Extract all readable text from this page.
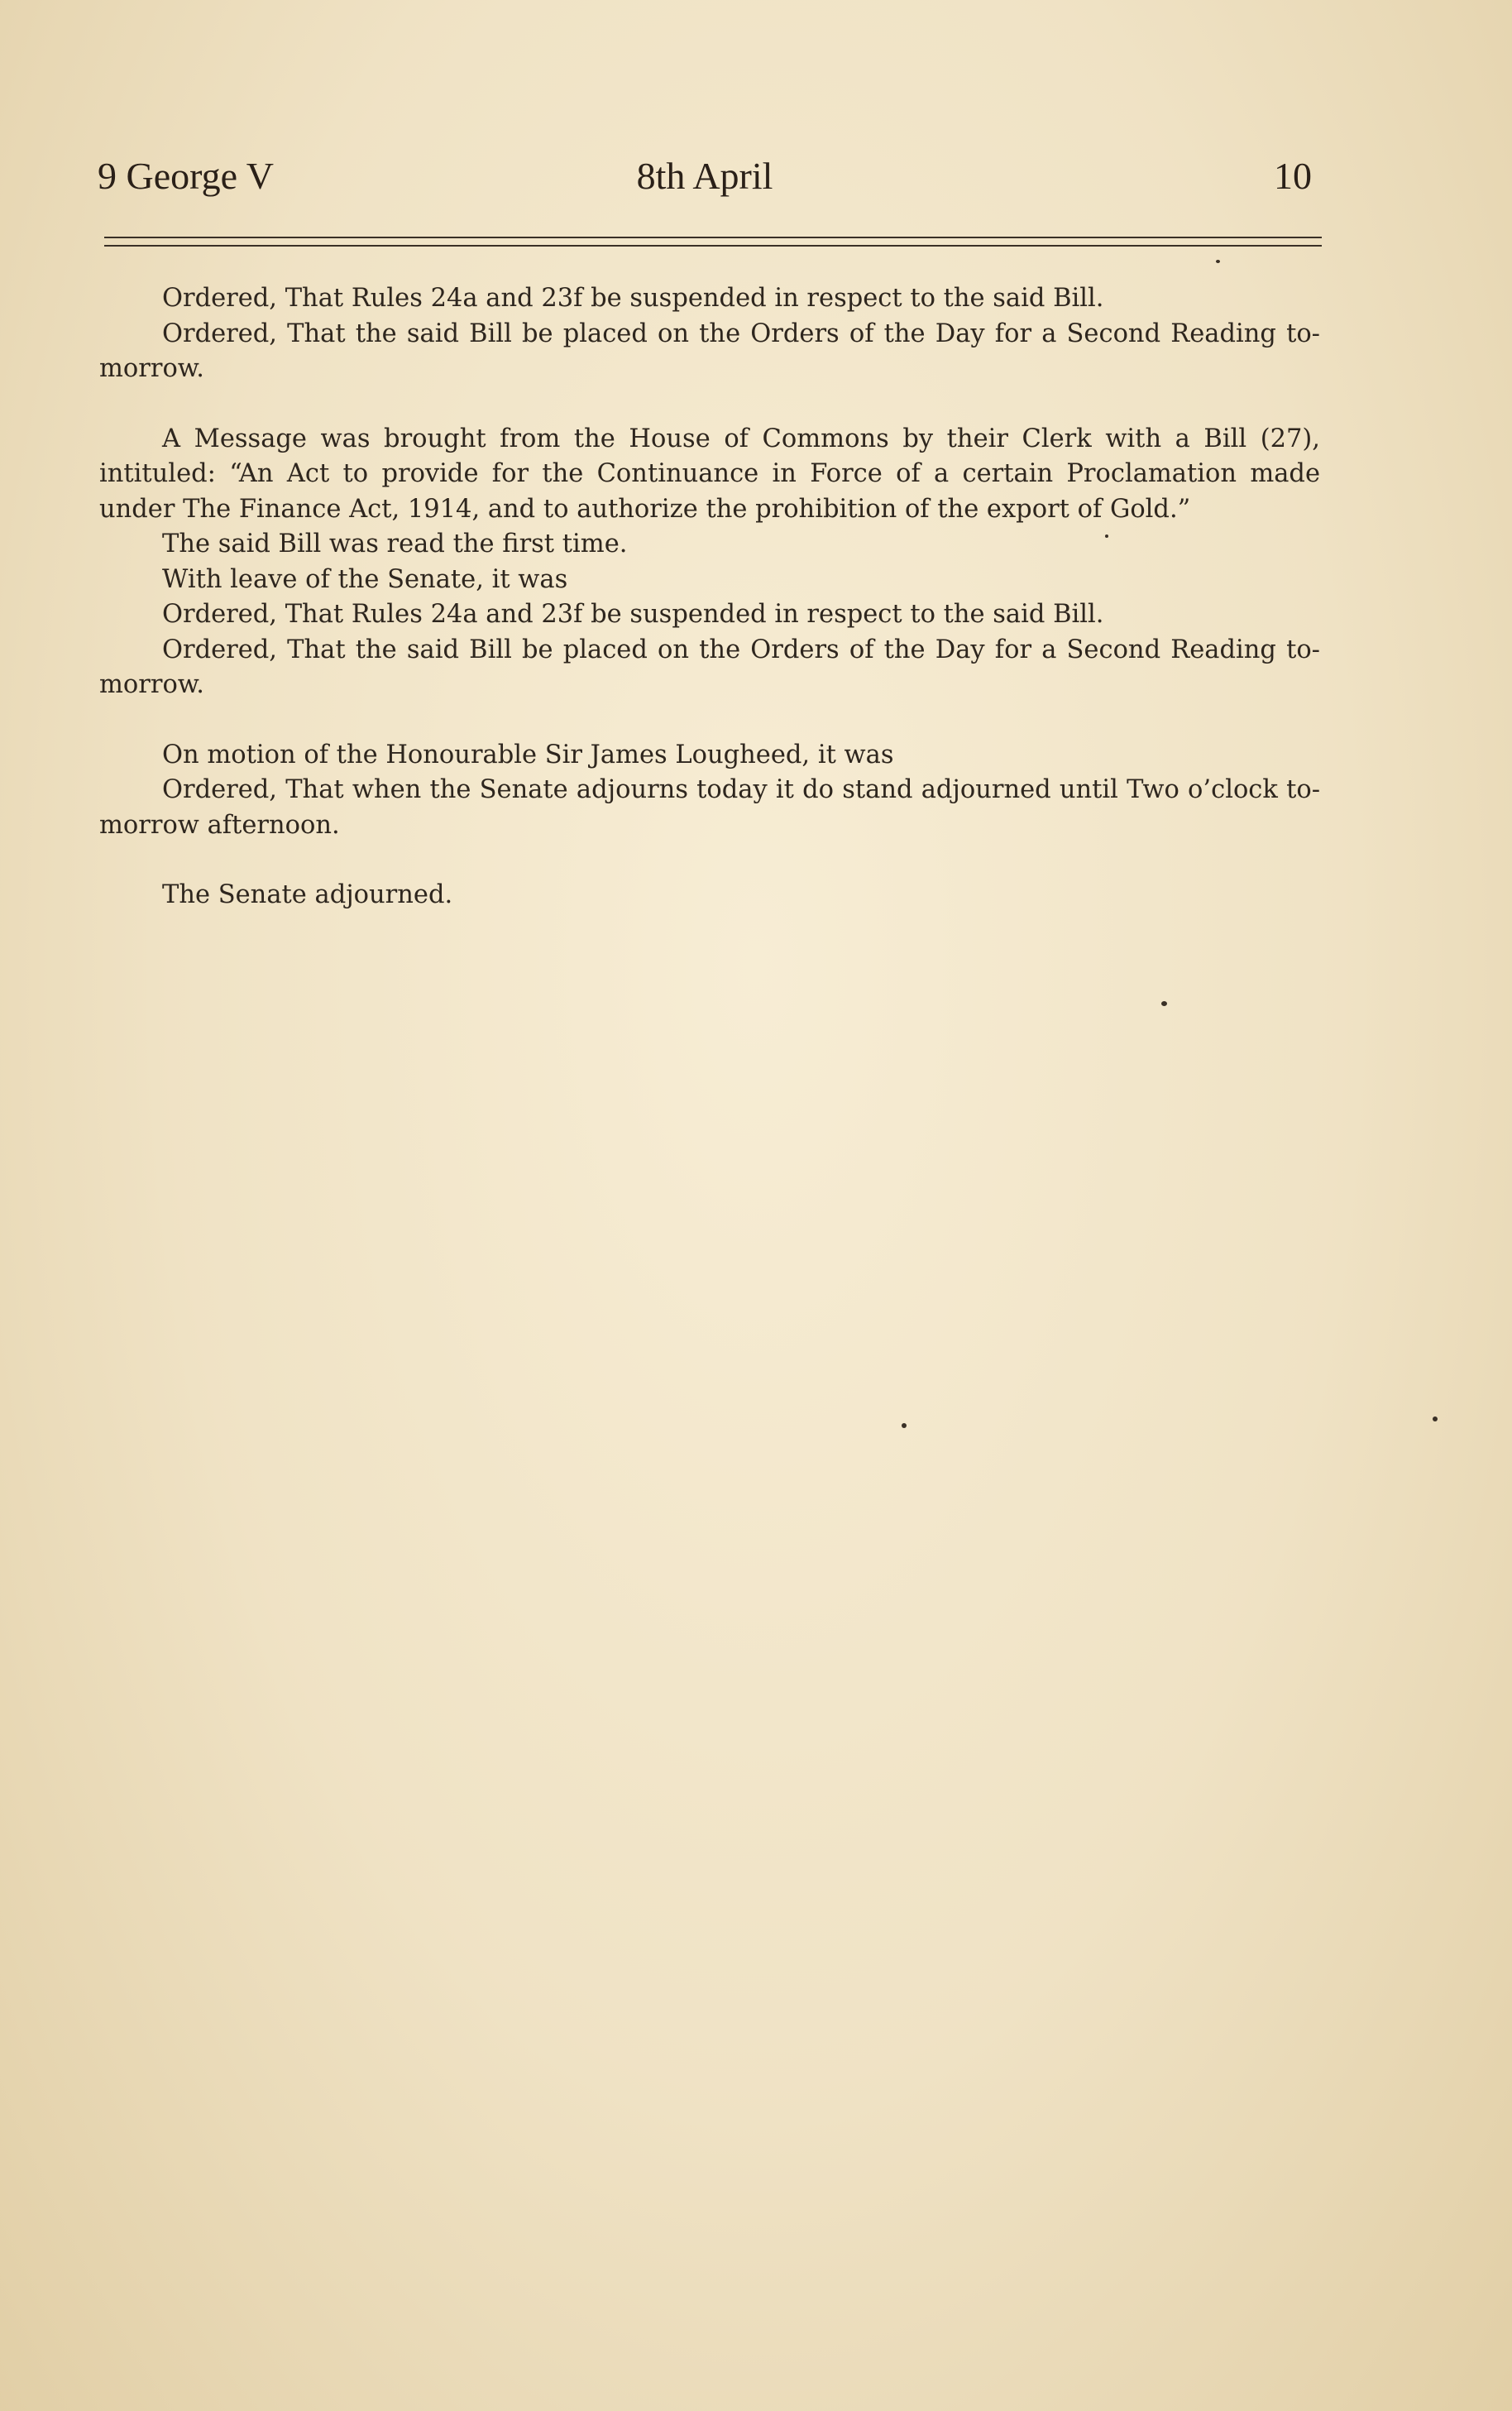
9 George V	8th April	10

Ordered, That Rules 24a and 23f be suspended in respect to the said Bill.

Ordered, That the said Bill be placed on the Orders of the Day for a Second Reading to-morrow.

A Message was brought from the House of Commons by their Clerk with a Bill (27), intituled: “An Act to provide for the Continuance in Force of a certain Proclamation made under The Finance Act, 1914, and to authorize the prohibition of the export of Gold.”

The said Bill was read the first time.

With leave of the Senate, it was

Ordered, That Rules 24a and 23f be suspended in respect to the said Bill.

Ordered, That the said Bill be placed on the Orders of the Day for a Second Reading to-morrow.

On motion of the Honourable Sir James Lougheed, it was

Ordered, That when the Senate adjourns today it do stand adjourned until Two o’clock to-morrow afternoon.

The Senate adjourned.
